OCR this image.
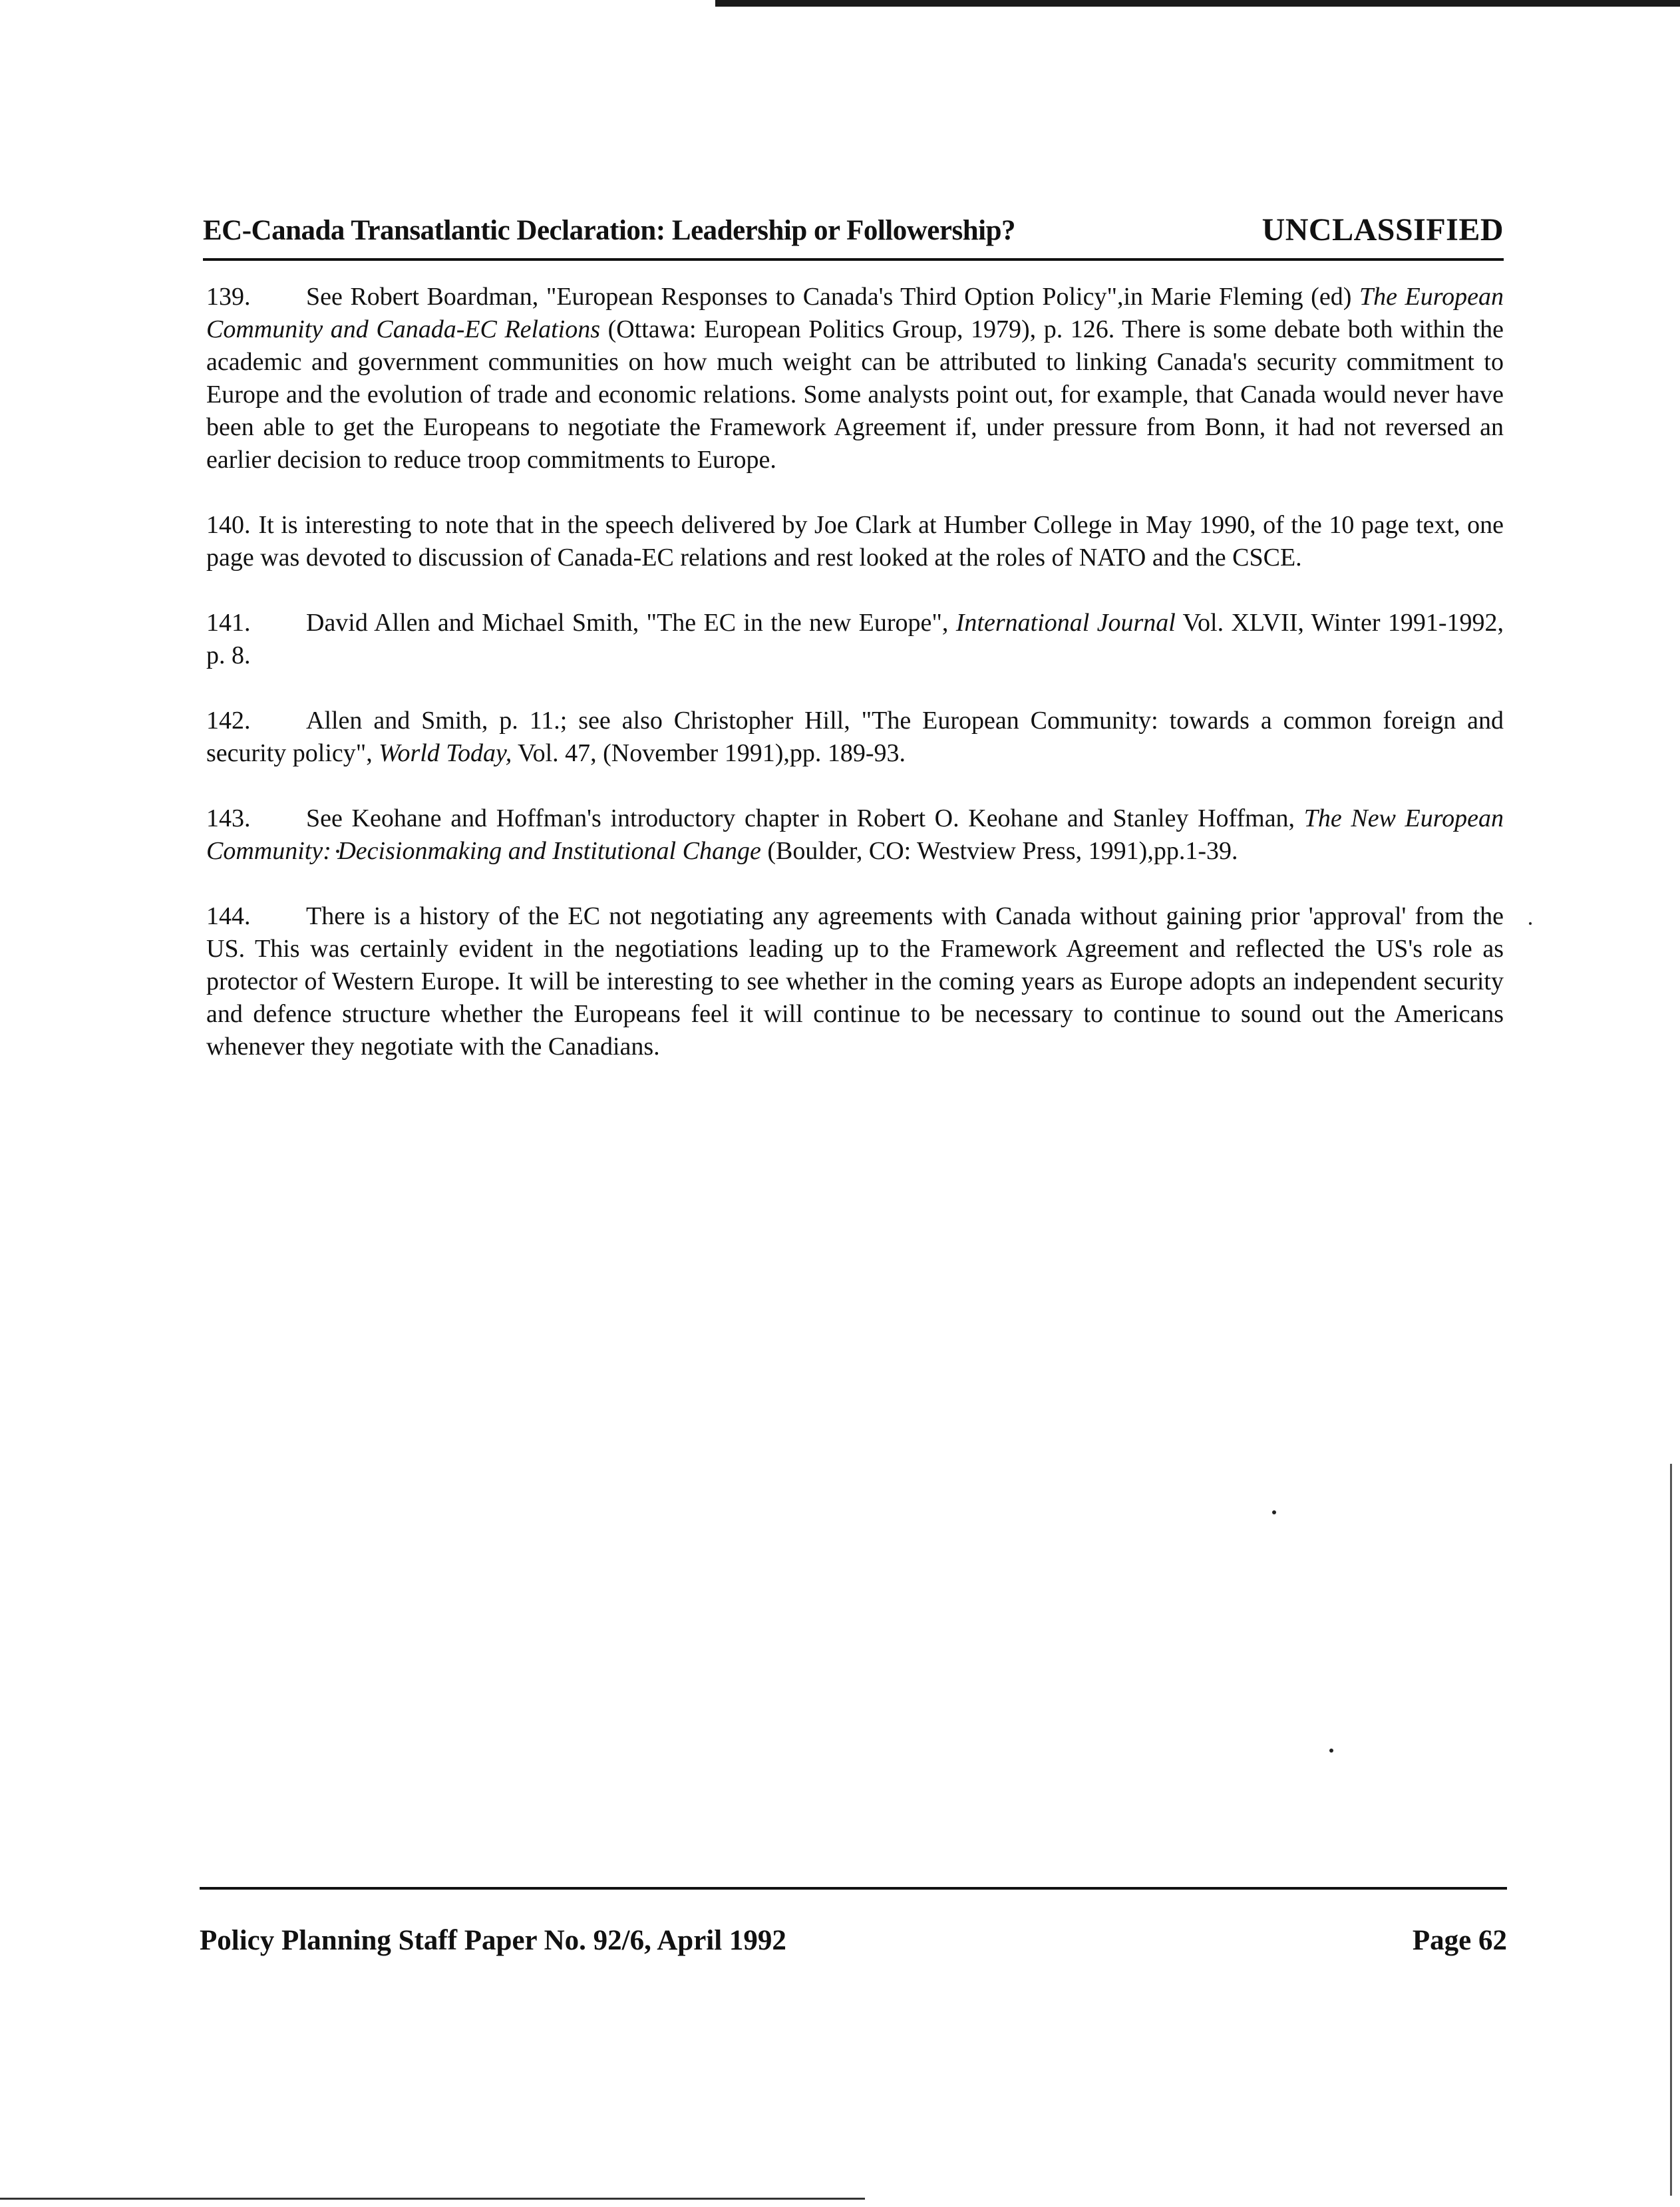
EC-Canada Transatlantic Declaration: Leadership or Followership?	UNCLASSIFIED

139. See Robert Boardman, "European Responses to Canada's Third Option Policy",in Marie Fleming (ed) The European Community and Canada-EC Relations (Ottawa: European Politics Group, 1979), p. 126. There is some debate both within the academic and government communities on how much weight can be attributed to linking Canada's security commitment to Europe and the evolution of trade and economic relations. Some analysts point out, for example, that Canada would never have been able to get the Europeans to negotiate the Framework Agreement if, under pressure from Bonn, it had not reversed an earlier decision to reduce troop commitments to Europe.

140. It is interesting to note that in the speech delivered by Joe Clark at Humber College in May 1990, of the 10 page text, one page was devoted to discussion of Canada-EC relations and rest looked at the roles of NATO and the CSCE.

141. David Allen and Michael Smith, "The EC in the new Europe", International Journal Vol. XLVII, Winter 1991-1992, p. 8.

142. Allen and Smith, p. 11.; see also Christopher Hill, "The European Community: towards a common foreign and security policy", World Today, Vol. 47, (November 1991),pp. 189-93.

143. See Keohane and Hoffman's introductory chapter in Robert O. Keohane and Stanley Hoffman, The New European Community: Decisionmaking and Institutional Change (Boulder, CO: Westview Press, 1991),pp.1-39.

144. There is a history of the EC not negotiating any agreements with Canada without gaining prior 'approval' from the US. This was certainly evident in the negotiations leading up to the Framework Agreement and reflected the US's role as protector of Western Europe. It will be interesting to see whether in the coming years as Europe adopts an independent security and defence structure whether the Europeans feel it will continue to be necessary to continue to sound out the Americans whenever they negotiate with the Canadians.

Policy Planning Staff Paper No. 92/6, April 1992	Page 62
